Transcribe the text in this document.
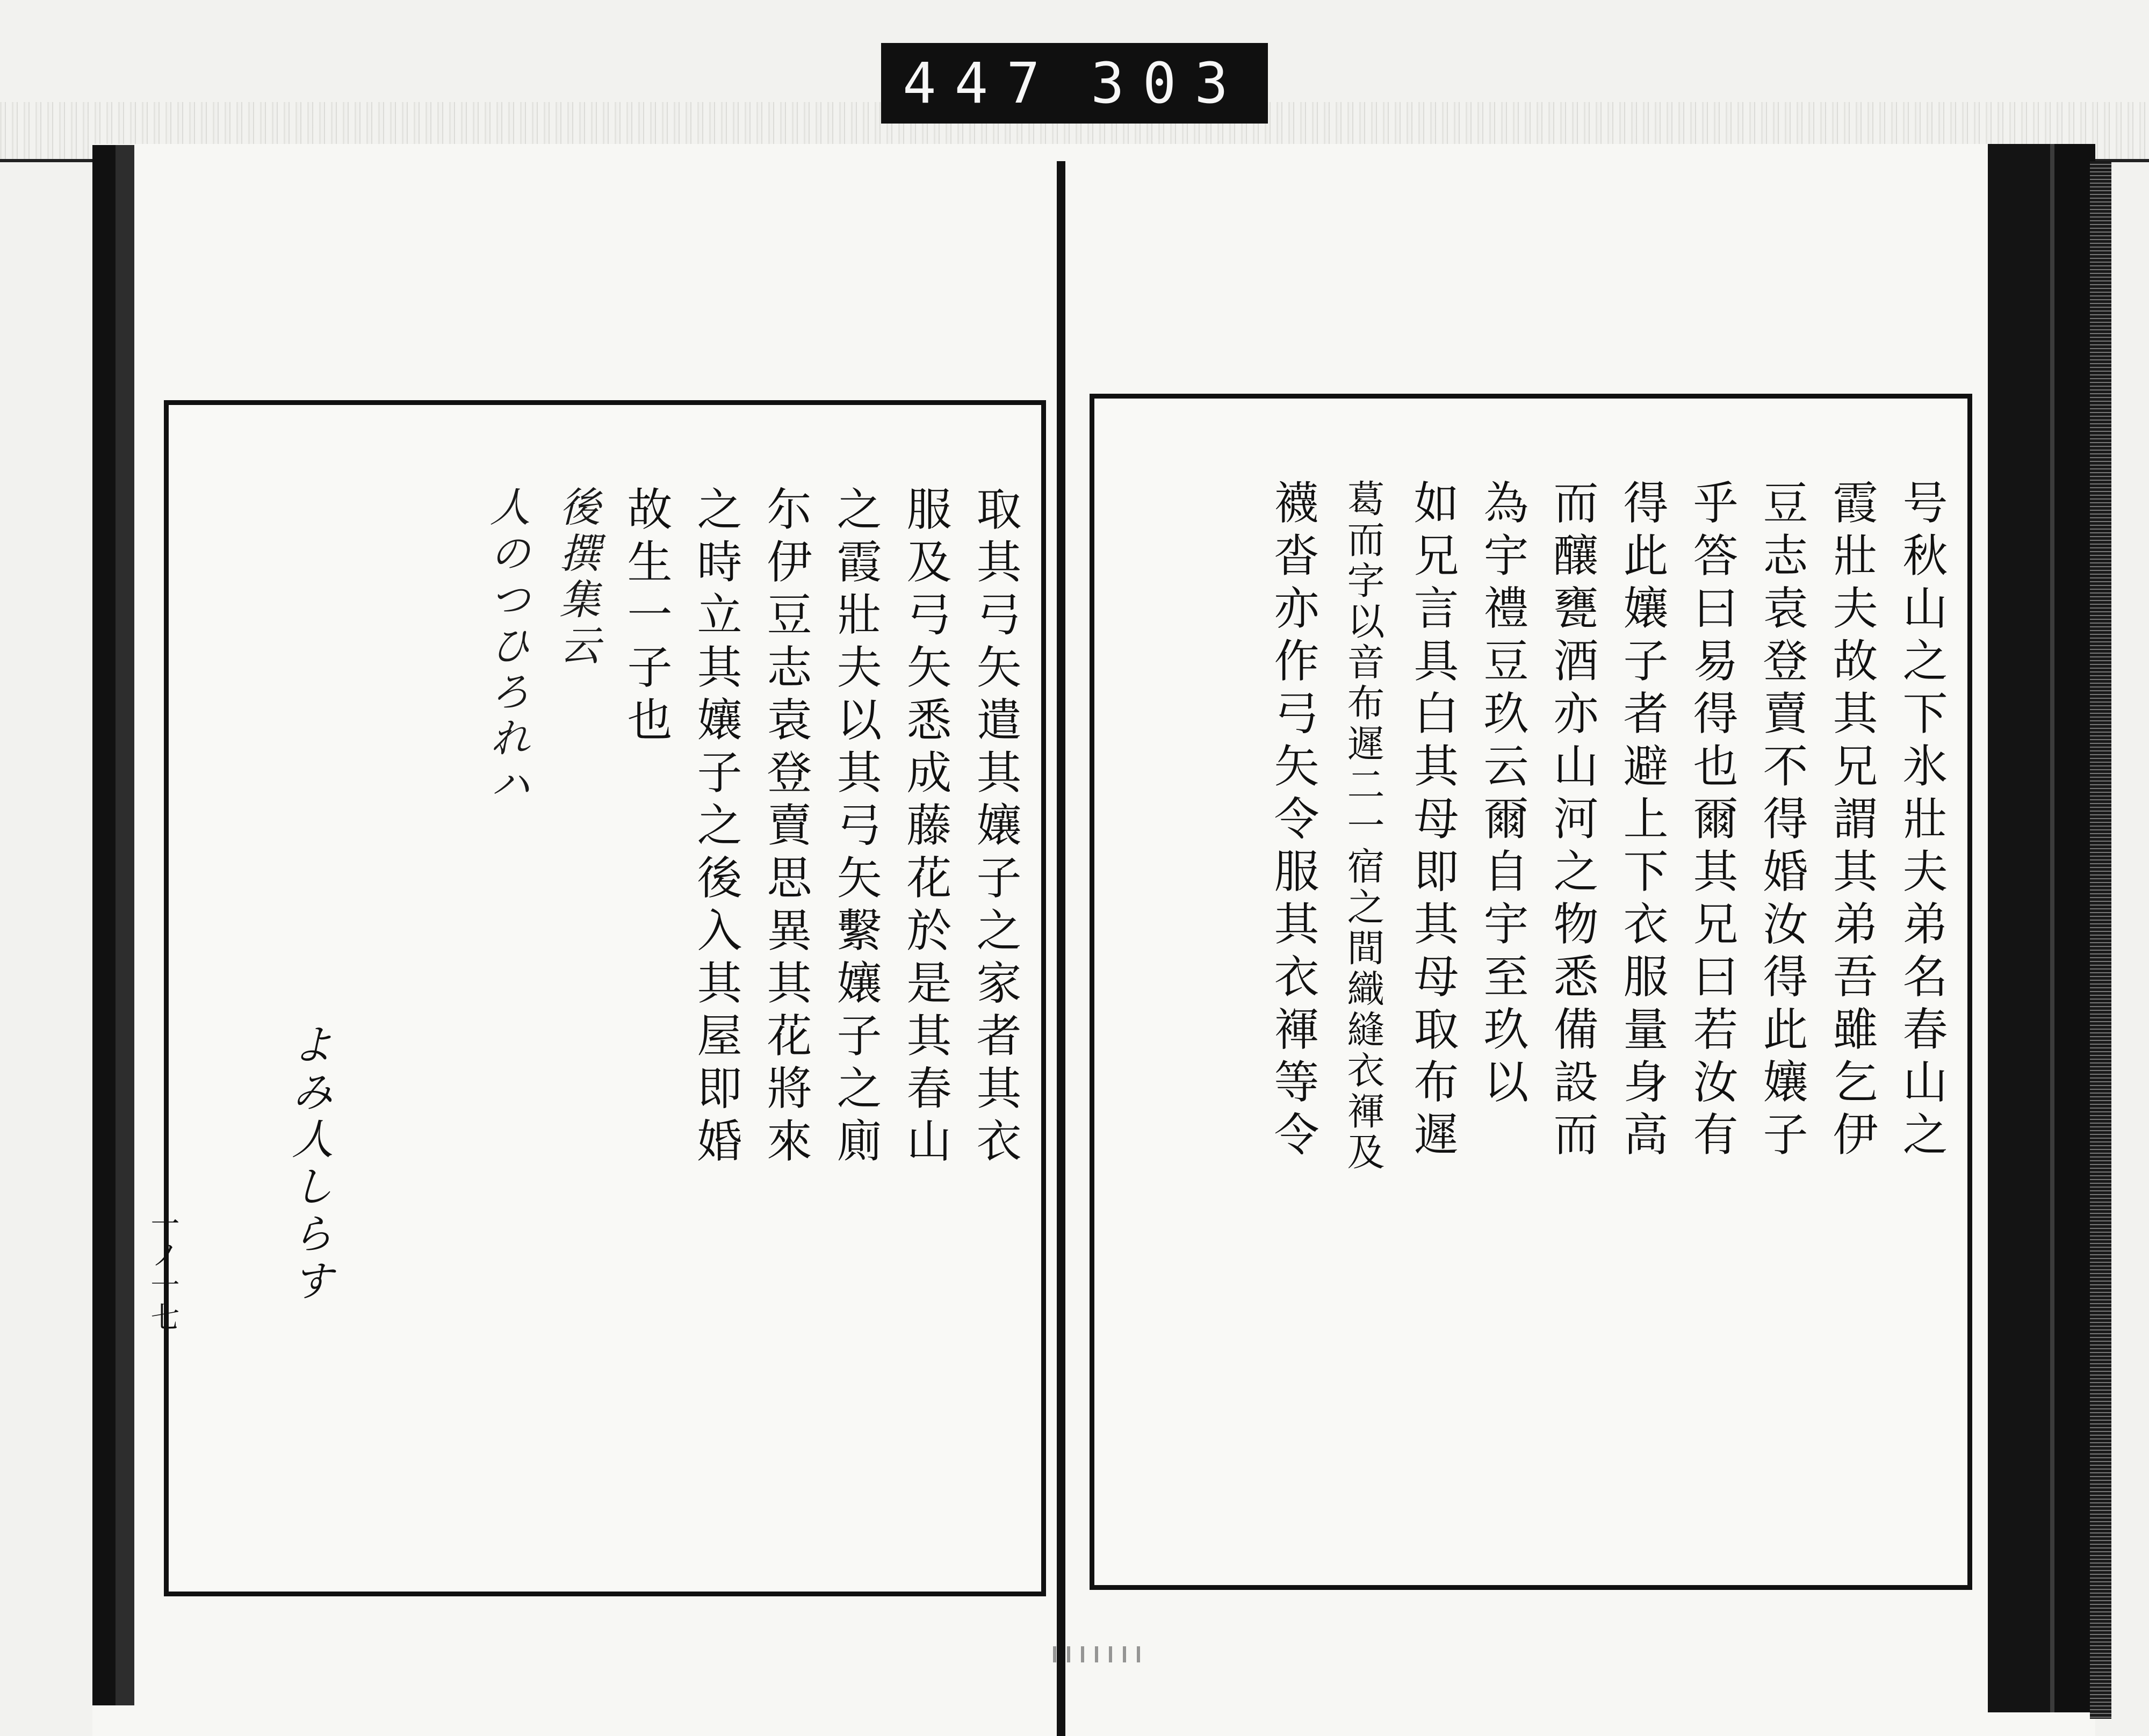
447 303
号秋山之下氷壯夫弟名春山之
霞壯夫故其兄謂其弟吾雖乞伊
豆志袁登賣不得婚汝得此孃子
乎答曰易得也爾其兄曰若汝有
得此孃子者避上下衣服量身高
而釀甕酒亦山河之物悉備設而
為宇禮豆玖云爾自宇至玖以
如兄言具白其母即其母取布遲
葛而字以音布遲二一宿之間織縫衣褌及
襪沓亦作弓矢令服其衣褌等令
取其弓矢遣其孃子之家者其衣
服及弓矢悉成藤花於是其春山
之霞壯夫以其弓矢繫孃子之廁
尓伊豆志袁登賣思異其花將來
之時立其孃子之後入其屋即婚
故生一子也
後撰集云
人のつひろれハ
よみ人しらす
一ノ十七
